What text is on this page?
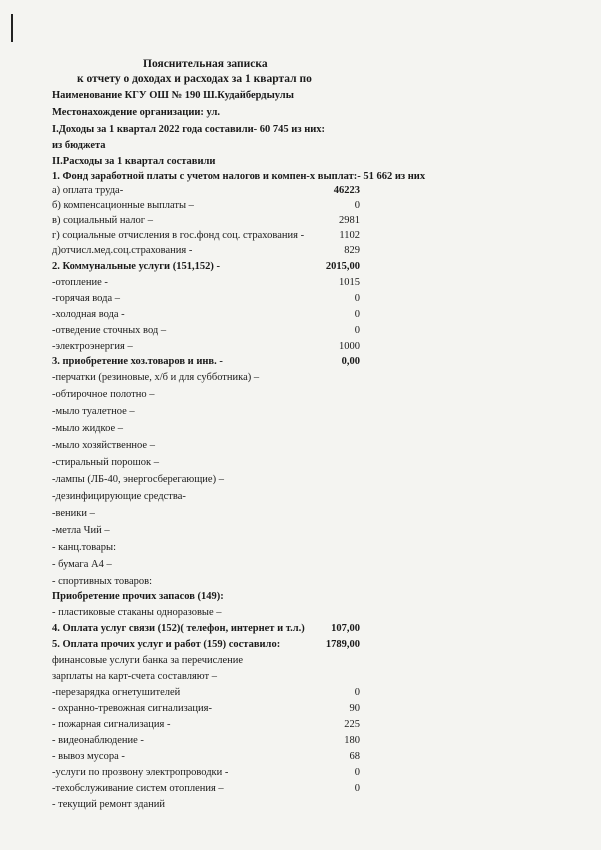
Пояснительная записка
к отчету о доходах и расходах за 1 квартал по
Наименование КГУ ОШ № 190 Ш.Кудайбердыулы
Местонахождение организации: ул.
I.Доходы за 1 квартал 2022 года составили- 60 745 из них:
из бюджета
II.Расходы за 1 квартал составили
1. Фонд заработной платы с учетом налогов и компен-х выплат:- 51 662 из них
а) оплата труда-	46223
б) компенсационные выплаты –	0
в) социальный налог –	2981
г) социальные отчисления в гос.фонд соц. страхования -	1102
д)отчисл.мед.соц.страхования -	829
2. Коммунальные услуги (151,152) -	2015,00
-отопление -	1015
-горячая вода –	0
-холодная вода -	0
-отведение сточных вод –	0
-электроэнергия –	1000
3. приобретение хоз.товаров и инв. -	0,00
-перчатки (резиновые, х/б и для субботника) –
-обтирочное полотно –
-мыло туалетное –
-мыло жидкое –
-мыло хозяйственное –
-стиральный порошок –
-лампы (ЛБ-40, энергосберегающие) –
-дезинфицирующие средства-
-веники –
-метла Чий –
- канц.товары:
- бумага А4 –
- спортивных товаров:
Приобретение прочих запасов (149):
- пластиковые стаканы одноразовые –
4. Оплата услуг связи (152)( телефон, интернет и т.л.)	107,00
5. Оплата прочих услуг и работ (159) составило:	1789,00
финансовые услуги банка за перечисление
зарплаты на карт-счета составляют –
-перезарядка огнетушителей	0
- охранно-тревожная сигнализация-	90
- пожарная сигнализация -	225
- видеонаблюдение -	180
- вывоз мусора -	68
-услуги по прозвону электропроводки -	0
-техобслуживание систем отопления –	0
- текущий ремонт зданий
